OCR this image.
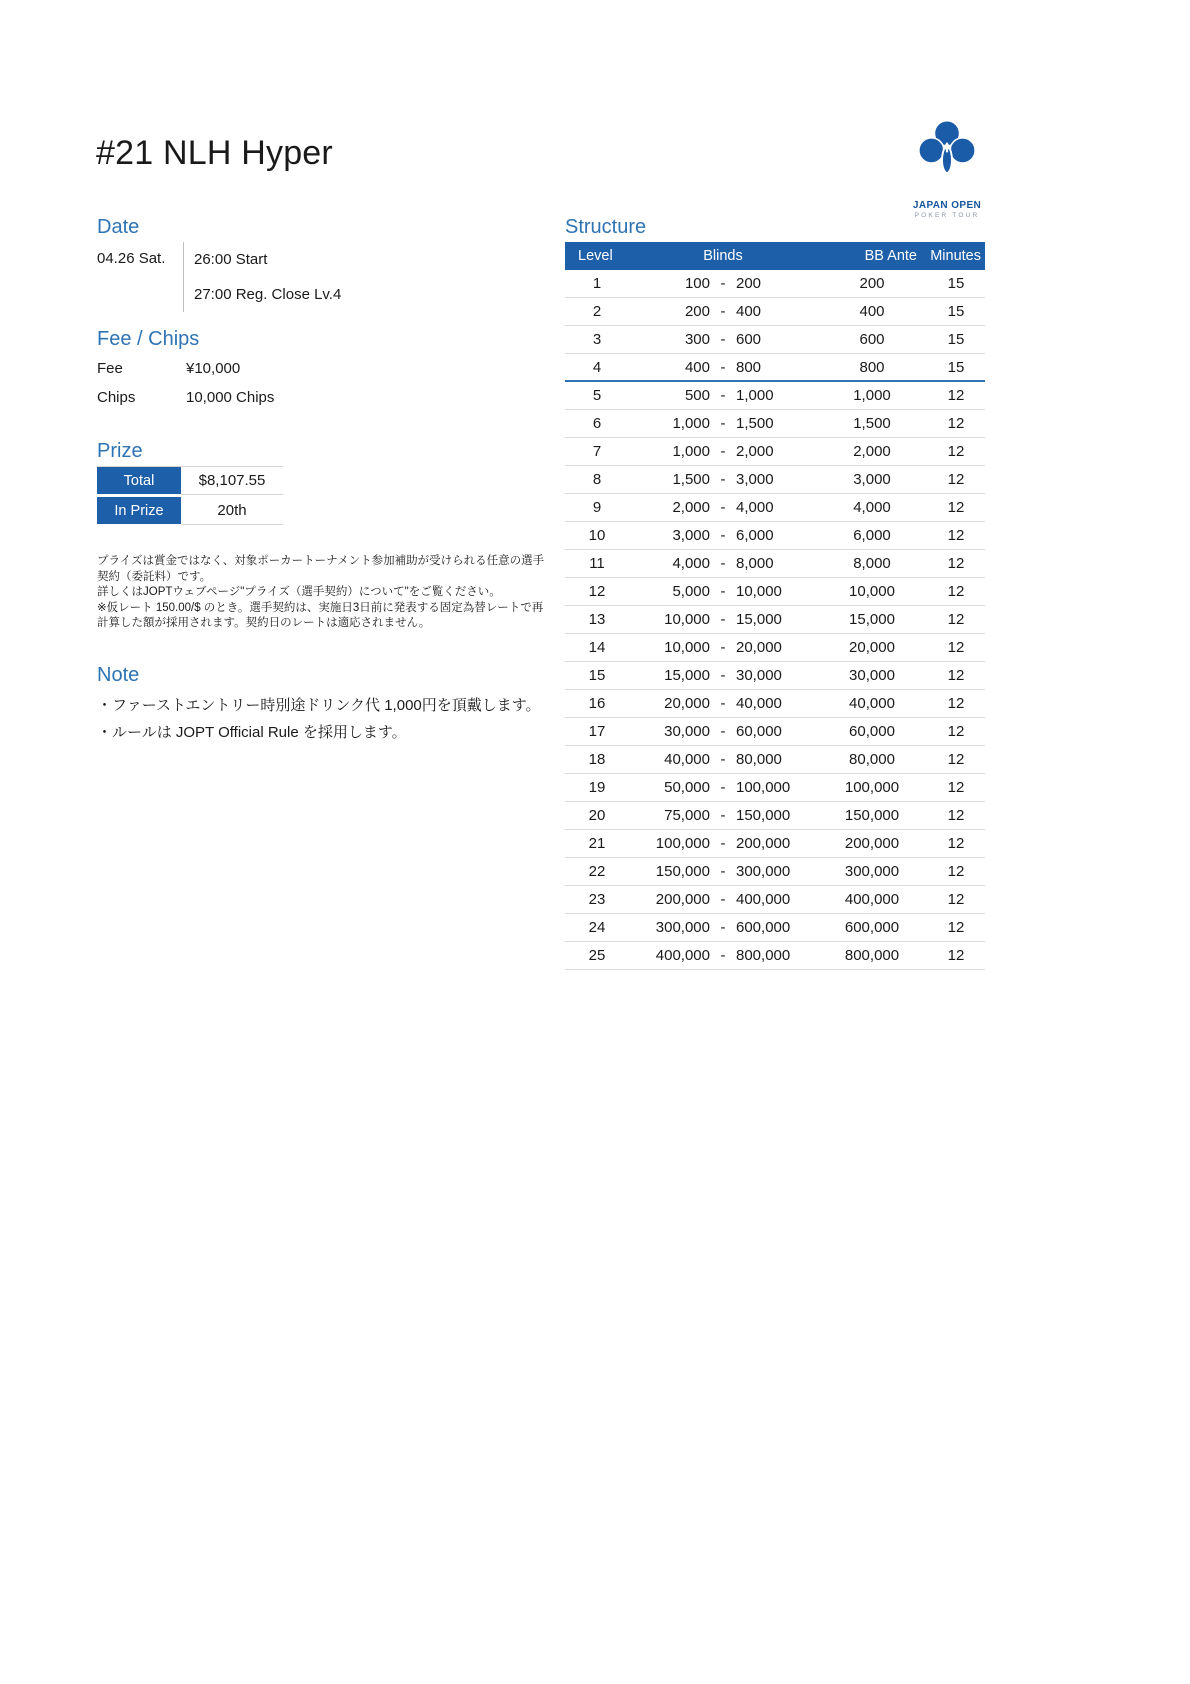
#21 NLH Hyper
JAPAN OPEN
POKER TOUR
Date
04.26 Sat.	26:00 Start
27:00 Reg. Close Lv.4
Fee / Chips
Fee	¥10,000
Chips	10,000 Chips
Prize
Total	$8,107.55
In Prize	20th

プライズは賞金ではなく、対象ポーカートーナメント参加補助が受けられる任意の選手契約（委託料）です。

詳しくはJOPTウェブページ"プライズ（選手契約）について"をご覧ください。

※仮レート 150.00/$ のとき。選手契約は、実施日3日前に発表する固定為替レートで再計算した額が採用されます。契約日のレートは適応されません。

Note
・ファーストエントリー時別途ドリンク代 1,000円を頂戴します。
・ルールは JOPT Official Rule を採用します。
Structure
Level	Blinds	BB Ante Minutes
1	100 - 200	200	15
2	200 - 400	400	15
3	300 - 600	600	15
4	400 - 800	800	15
5	500 - 1,000	1,000	12
6	1,000 - 1,500	1,500	12
7	1,000 - 2,000	2,000	12
8	1,500 - 3,000	3,000	12
9	2,000 - 4,000	4,000	12
10	3,000 - 6,000	6,000	12
11	4,000 - 8,000	8,000	12
12	5,000 - 10,000	10,000	12
13	10,000 - 15,000	15,000	12
14	10,000 - 20,000	20,000	12
15	15,000 - 30,000	30,000	12
16	20,000 - 40,000	40,000	12
17	30,000 - 60,000	60,000	12
18	40,000 - 80,000	80,000	12
19	50,000 - 100,000	100,000	12
20	75,000 - 150,000	150,000	12
21	100,000 - 200,000	200,000	12
22	150,000 - 300,000	300,000	12
23	200,000 - 400,000	400,000	12
24	300,000 - 600,000	600,000	12
25	400,000 - 800,000	800,000	12
